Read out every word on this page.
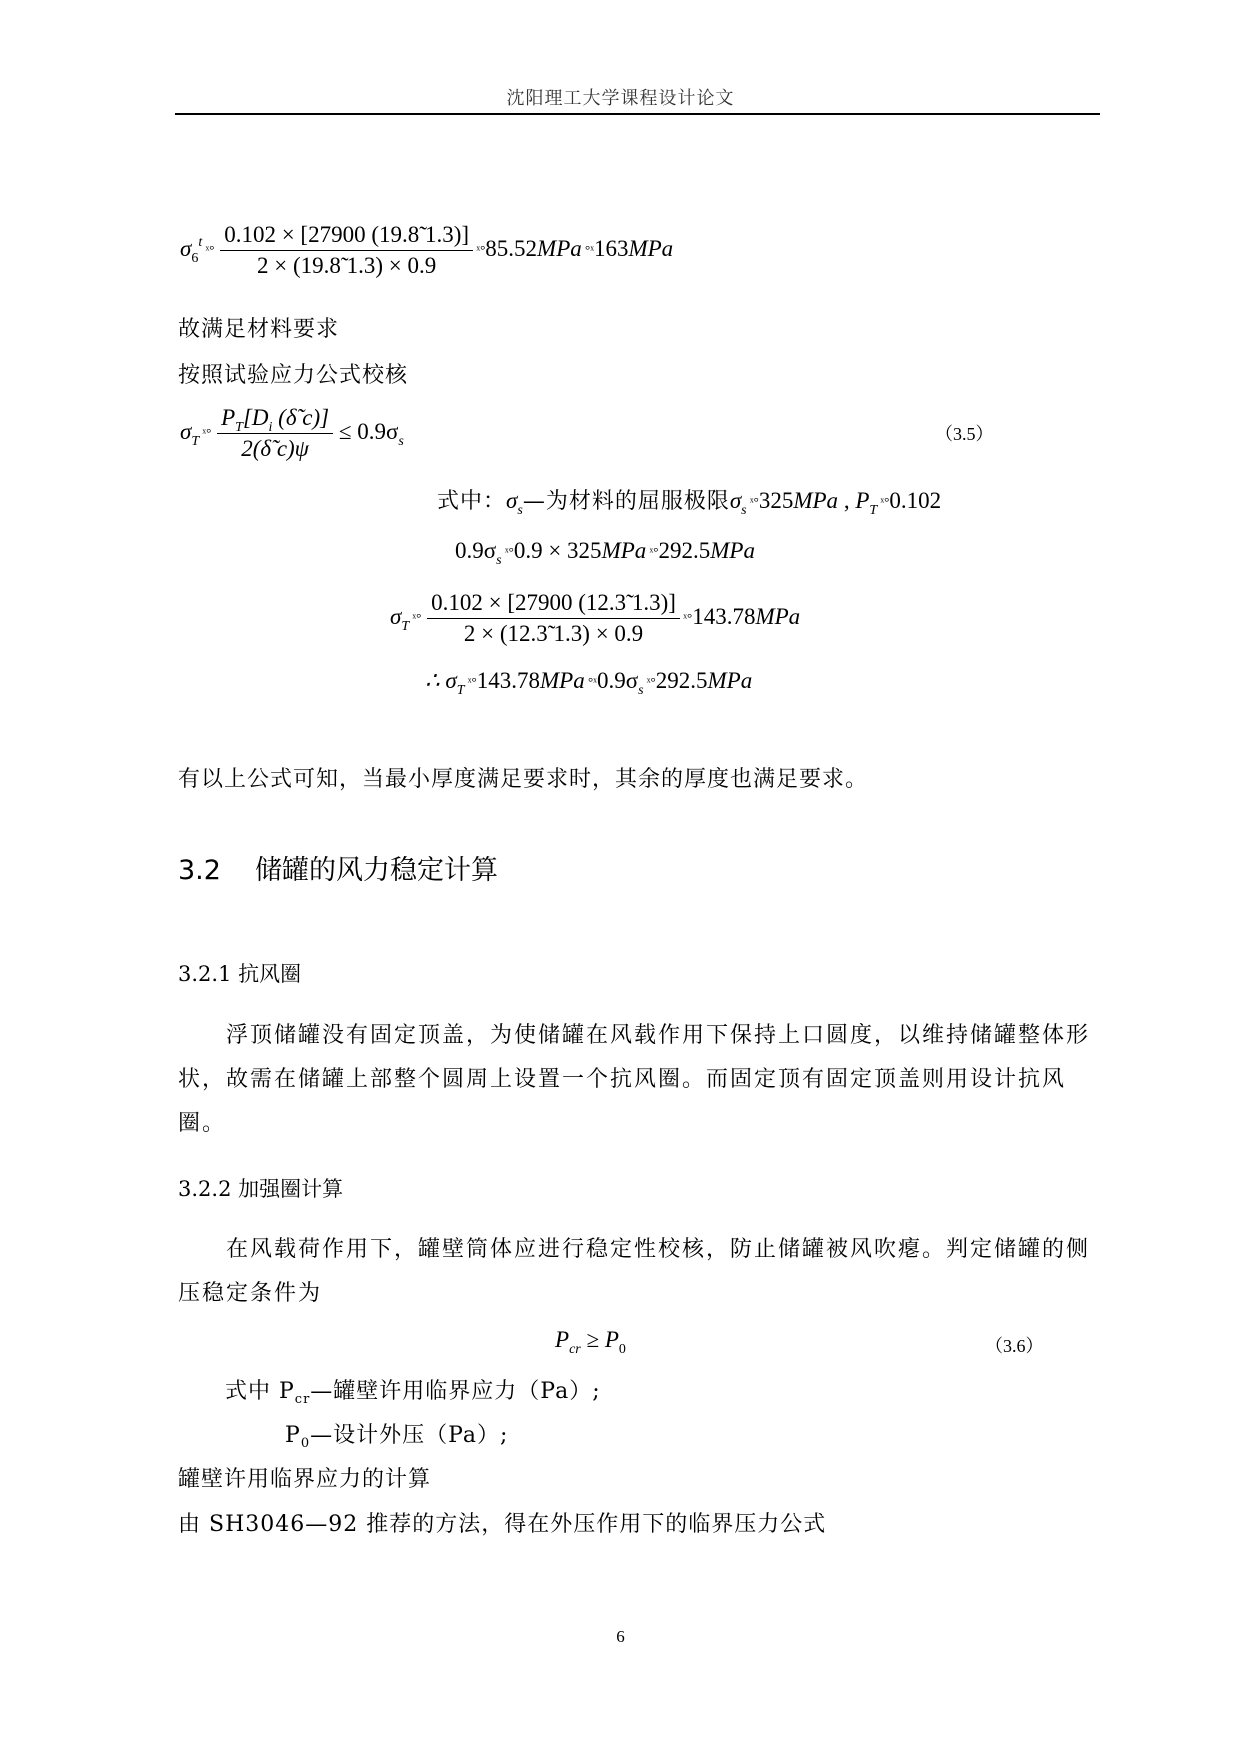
沈阳理工大学课程设计论文
$\sigma_6^t$ ˣ° $\frac{0.102 \times [27900 (19.8̃ 1.3)]}{2 \times (19.8̃ 1.3) \times 0.9}$ ˣ°85.52MPa °ˣ163MPa
故满足材料要求
按照试验应力公式校核
$\sigma_T$ ˣ° $\frac{P_T[D_i (\deltã c)]}{2(\deltã c)\psi} \le 0.9\sigma_s$	（3.5）
式中：σs—为材料的屈服极限σs ˣ°325MPa , PT ˣ°0.102
$0.9\sigma_s$ ˣ°0.9 × 325MPa ˣ°292.5MPa
$\sigma_T$ ˣ° $\frac{0.102 \times [27900 (12.3̃ 1.3)]}{2 \times (12.3̃ 1.3) \times 0.9}$ ˣ°143.78MPa
∴ $\sigma_T$ ˣ°143.78MPa $^\circ ˣ0.9\sigma_s$ ˣ°292.5MPa
有以上公式可知，当最小厚度满足要求时，其余的厚度也满足要求。
3.2 储罐的风力稳定计算
3.2.1 抗风圈
浮顶储罐没有固定顶盖，为使储罐在风载作用下保持上口圆度，以维持储罐整体形状，故需在储罐上部整个圆周上设置一个抗风圈。而固定顶有固定顶盖则用设计抗风圈。
3.2.2 加强圈计算
在风载荷作用下，罐壁筒体应进行稳定性校核，防止储罐被风吹瘪。判定储罐的侧压稳定条件为
$P_{cr} \ge P_0$	（3.6）
式中 $P_{cr}—$罐壁许用临界应力（Pa）;
$P_0—$设计外压（Pa）;
罐壁许用临界应力的计算
由 SH3046—92 推荐的方法，得在外压作用下的临界压力公式
6
